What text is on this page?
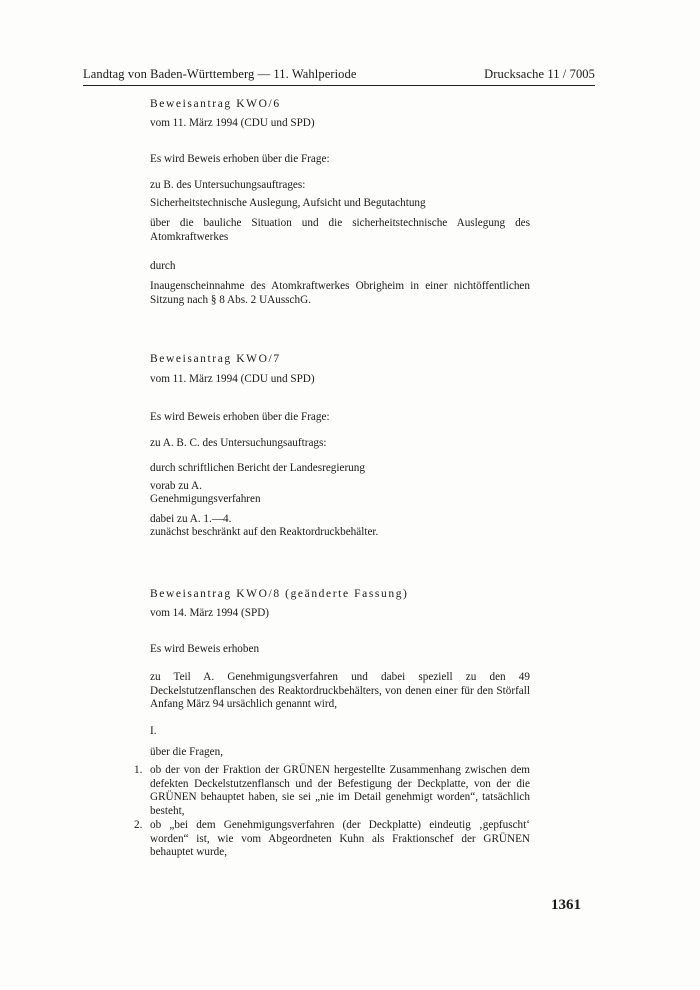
Landtag von Baden-Württemberg — 11. Wahlperiode	Drucksache 11 / 7005
Beweisantrag KWO/6
vom 11. März 1994 (CDU und SPD)
Es wird Beweis erhoben über die Frage:
zu B. des Untersuchungsauftrages:
Sicherheitstechnische Auslegung, Aufsicht und Begutachtung
über die bauliche Situation und die sicherheitstechnische Auslegung des Atomkraftwerkes
durch
Inaugenscheinnahme des Atomkraftwerkes Obrigheim in einer nichtöffentlichen Sitzung nach § 8 Abs. 2 UAusschG.
Beweisantrag KWO/7
vom 11. März 1994 (CDU und SPD)
Es wird Beweis erhoben über die Frage:
zu A. B. C. des Untersuchungsauftrags:
durch schriftlichen Bericht der Landesregierung
vorab zu A.
Genehmigungsverfahren
dabei zu A. 1.—4.
zunächst beschränkt auf den Reaktordruckbehälter.
Beweisantrag KWO/8 (geänderte Fassung)
vom 14. März 1994 (SPD)
Es wird Beweis erhoben
zu Teil A. Genehmigungsverfahren und dabei speziell zu den 49 Deckelstutzenflanschen des Reaktordruckbehälters, von denen einer für den Störfall Anfang März 94 ursächlich genannt wird,
I.
über die Fragen,
1. ob der von der Fraktion der GRÜNEN hergestellte Zusammenhang zwischen dem defekten Deckelstutzenflansch und der Befestigung der Deckplatte, von der die GRÜNEN behauptet haben, sie sei „nie im Detail genehmigt worden“, tatsächlich besteht,
2. ob „bei dem Genehmigungsverfahren (der Deckplatte) eindeutig ‚gepfuscht‘ worden“ ist, wie vom Abgeordneten Kuhn als Fraktionschef der GRÜNEN behauptet wurde,
1361
